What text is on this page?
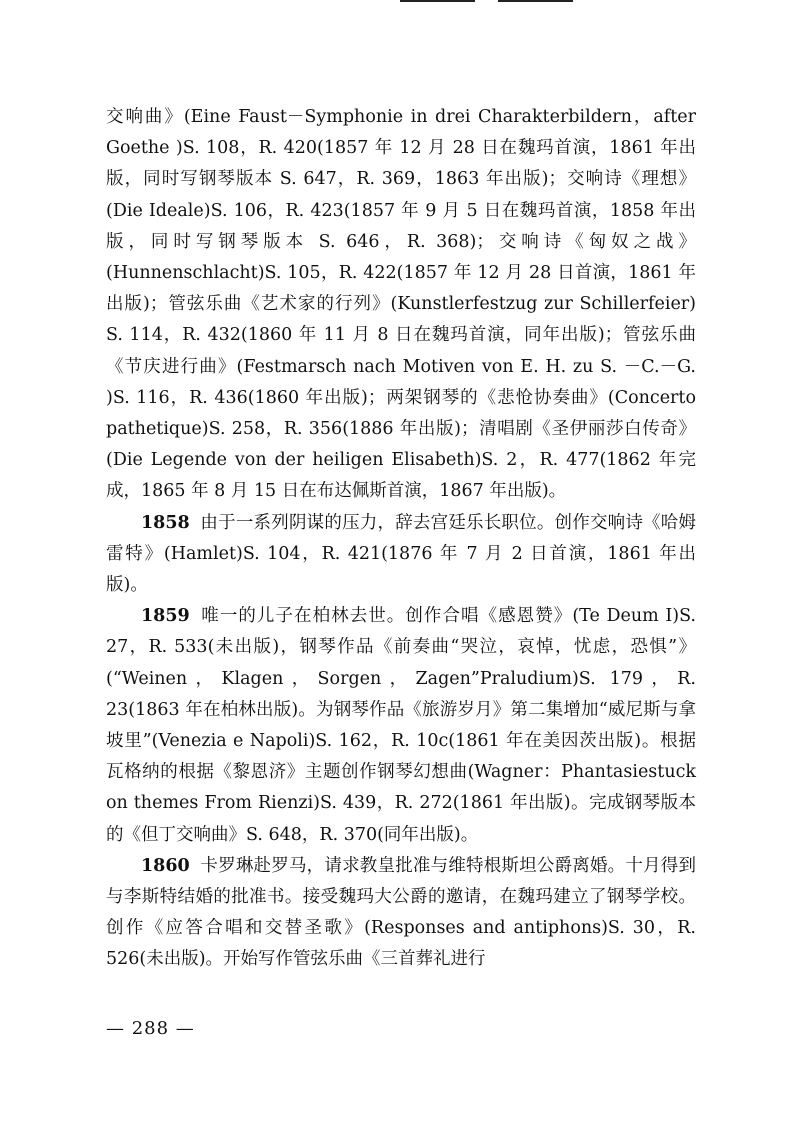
交响曲》(Eine Faust－Symphonie in drei Charakterbildern，after Goethe )S. 108，R. 420(1857 年 12 月 28 日在魏玛首演，1861 年出版，同时写钢琴版本 S. 647，R. 369，1863 年出版)；交响诗《理想》(Die Ideale)S. 106，R. 423(1857 年 9 月 5 日在魏玛首演，1858 年出版，同时写钢琴版本 S. 646，R. 368)；交响诗《匈奴之战》(Hunnenschlacht)S. 105，R. 422(1857 年 12 月 28 日首演，1861 年出版)；管弦乐曲《艺术家的行列》(Kunstlerfestzug zur Schillerfeier) S. 114，R. 432(1860 年 11 月 8 日在魏玛首演，同年出版)；管弦乐曲《节庆进行曲》(Festmarsch nach Motiven von E. H. zu S. －C.－G. )S. 116，R. 436(1860 年出版)；两架钢琴的《悲怆协奏曲》(Concerto pathetique)S. 258，R. 356(1886 年出版)；清唱剧《圣伊丽莎白传奇》(Die Legende von der heiligen Elisabeth)S. 2，R. 477(1862 年完成，1865 年 8 月 15 日在布达佩斯首演，1867 年出版)。

1858 由于一系列阴谋的压力，辞去宫廷乐长职位。创作交响诗《哈姆雷特》(Hamlet)S. 104，R. 421(1876 年 7 月 2 日首演，1861 年出版)。

1859 唯一的儿子在柏林去世。创作合唱《感恩赞》(Te Deum I)S. 27，R. 533(未出版)，钢琴作品《前奏曲“哭泣，哀悼，忧虑，恐惧”》(“Weinen，Klagen，Sorgen，Zagen”Praludium)S. 179，R. 23(1863 年在柏林出版)。为钢琴作品《旅游岁月》第二集增加“威尼斯与拿坡里”(Venezia e Napoli)S. 162，R. 10c(1861 年在美因茨出版)。根据瓦格纳的根据《黎恩济》主题创作钢琴幻想曲(Wagner：Phantasiestuck on themes From Rienzi)S. 439，R. 272(1861 年出版)。完成钢琴版本的《但丁交响曲》S. 648，R. 370(同年出版)。

1860 卡罗琳赴罗马，请求教皇批准与维特根斯坦公爵离婚。十月得到与李斯特结婚的批准书。接受魏玛大公爵的邀请，在魏玛建立了钢琴学校。创作《应答合唱和交替圣歌》(Responses and antiphons)S. 30，R. 526(未出版)。开始写作管弦乐曲《三首葬礼进行

— 288 —
